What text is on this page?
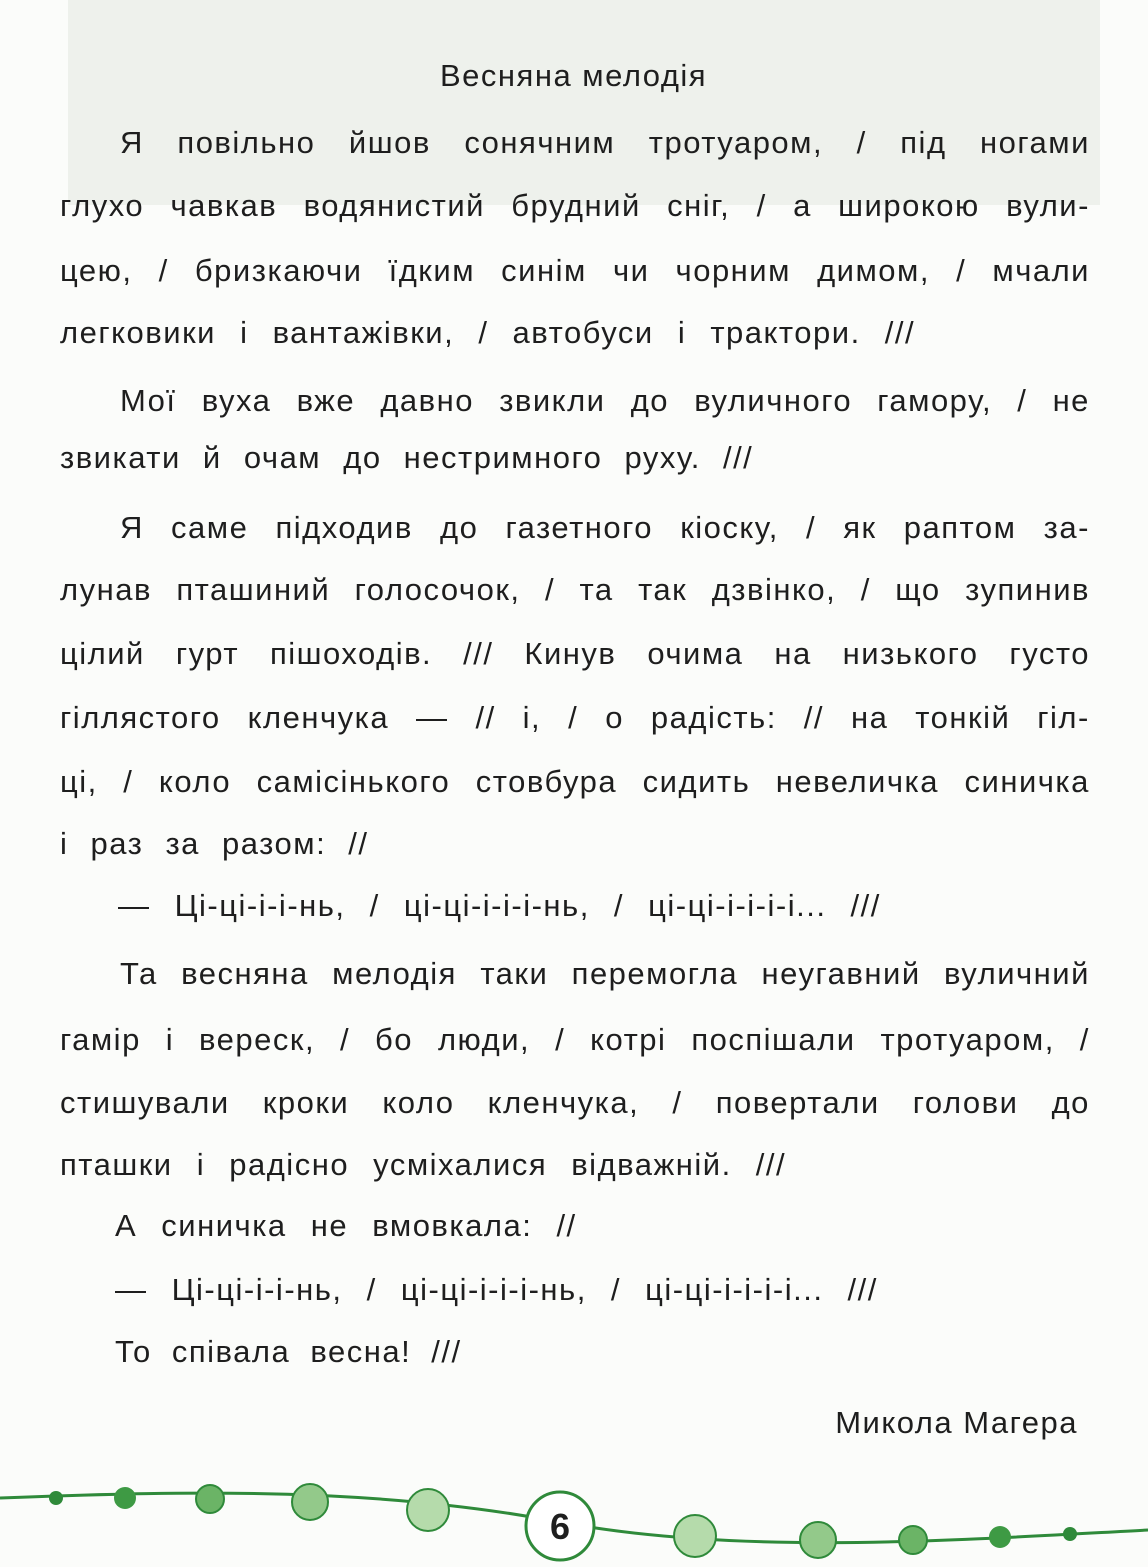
Весняна мелодія
Я повільно йшов сонячним тротуаром, / під ногами
глухо чавкав водянистий брудний сніг, / а широкою вули-
цею, / бризкаючи їдким синім чи чорним димом, / мчали
легковики і вантажівки, / автобуси і трактори. ///
Мої вуха вже давно звикли до вуличного гамору, / не
звикати й очам до нестримного руху. ///
Я саме підходив до газетного кіоску, / як раптом за-
лунав пташиний голосочок, / та так дзвінко, / що зупинив
цілий гурт пішоходів. /// Кинув очима на низького густо
гіллястого кленчука — // і, / о радість: // на тонкій гіл-
ці, / коло самісінького стовбура сидить невеличка синичка
і раз за разом: //
— Ці-ці-і-і-нь, / ці-ці-і-і-і-нь, / ці-ці-і-і-і-і... ///
Та весняна мелодія таки перемогла неугавний вуличний
гамір і вереск, / бо люди, / котрі поспішали тротуаром, /
стишували кроки коло кленчука, / повертали голови до
пташки і радісно усміхалися відважній. ///
А синичка не вмовкала: //
— Ці-ці-і-і-нь, / ці-ці-і-і-і-нь, / ці-ці-і-і-і-і... ///
То співала весна! ///
Микола Магера
6
